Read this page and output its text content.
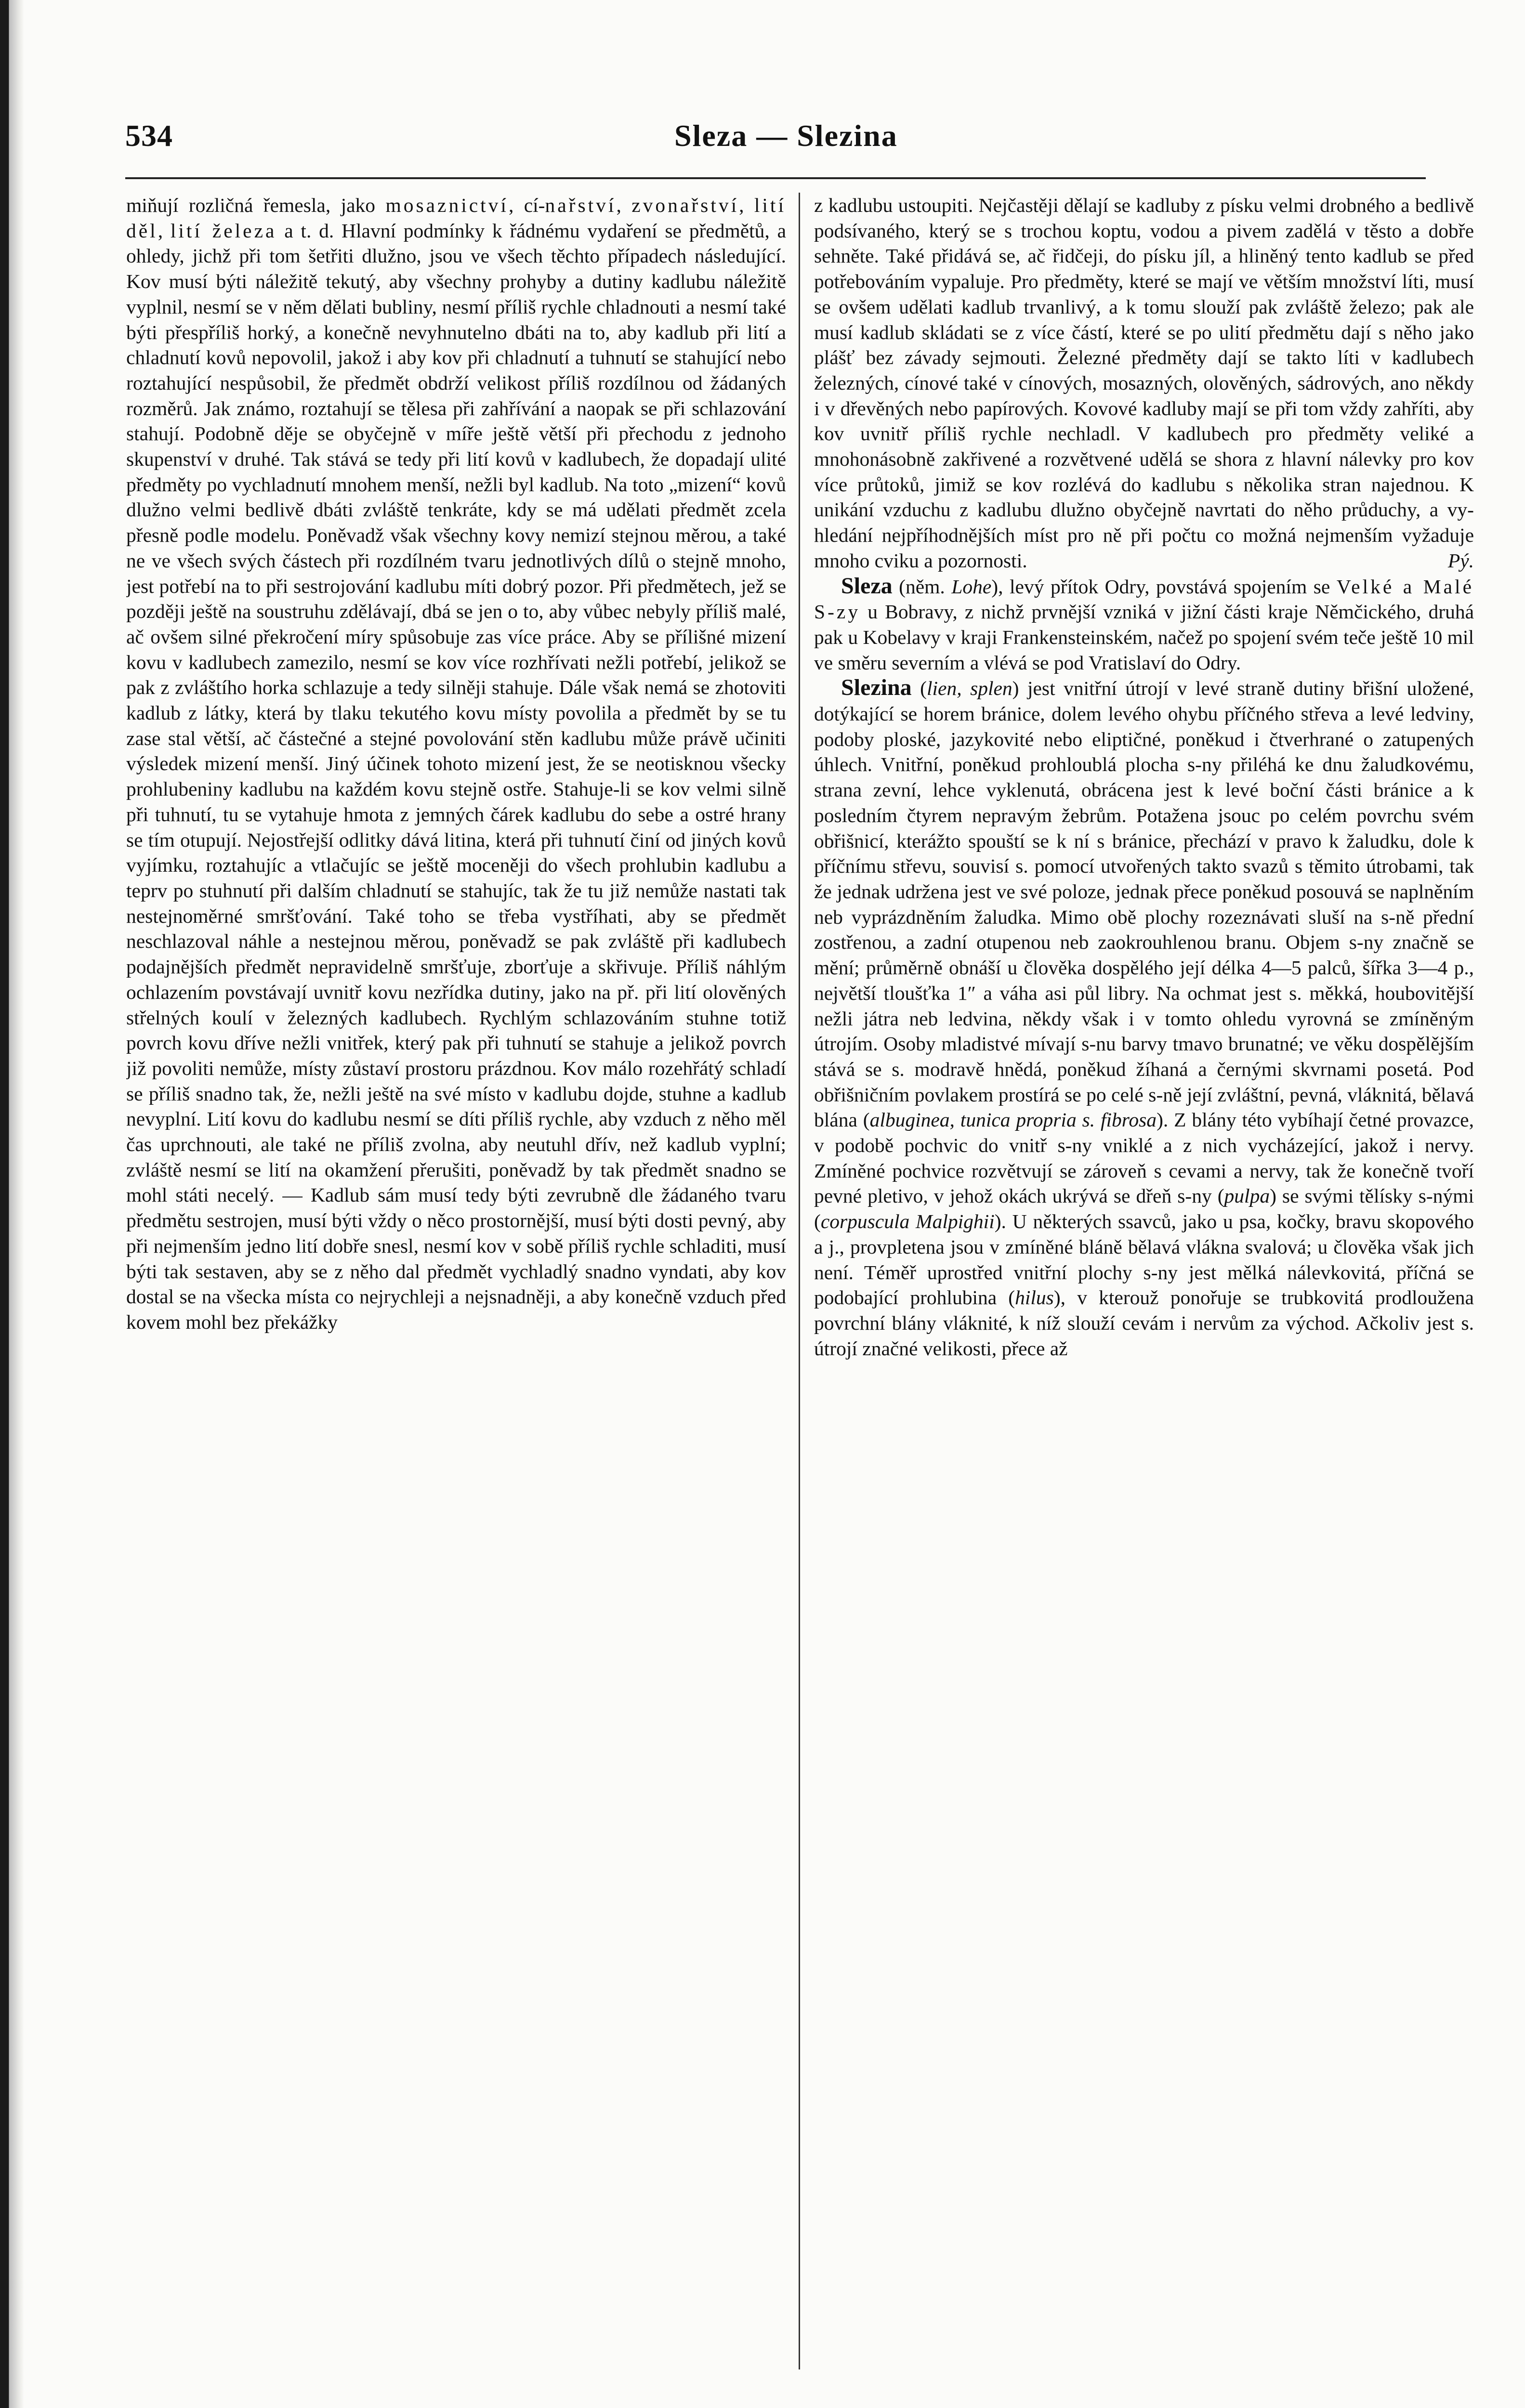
534	Sleza — Slezina

miňují rozličná řemesla, jako mosaznictví, cí-nařství, zvonařství, lití děl, lití železa a t. d. Hlavní podmínky k řádnému vydaření se předmětů, a ohledy, jichž při tom šetřiti dlužno, jsou ve všech těchto případech následující. Kov musí býti náležitě tekutý, aby všechny prohyby a dutiny kadlubu náležitě vyplnil, nesmí se v něm dělati bubliny, nesmí příliš rychle chladnouti a nesmí také býti přespříliš horký, a konečně nevyhnutelno dbáti na to, aby kadlub při lití a chladnutí kovů nepovolil, jakož i aby kov při chladnutí a tuhnutí se stahující nebo roztahující nespůsobil, že předmět obdrží velikost příliš rozdílnou od žádaných rozměrů. Jak známo, roztahují se tělesa při zahřívání a naopak se při schlazování stahují. Podobně děje se obyčejně v míře ještě větší při přechodu z jednoho skupenství v druhé. Tak stává se tedy při lití kovů v kadlubech, že dopadají ulité předměty po vychladnutí mnohem menší, nežli byl kadlub. Na toto „mizení“ kovů dlužno velmi bedlivě dbáti zvláště tenkráte, kdy se má udělati předmět zcela přesně podle modelu. Poněvadž však všechny kovy nemizí stejnou měrou, a také ne ve všech svých částech při rozdílném tvaru jednotlivých dílů o stejně mnoho, jest potřebí na to při sestrojování kadlubu míti dobrý pozor. Při předmětech, jež se později ještě na soustruhu zdělávají, dbá se jen o to, aby vůbec nebyly příliš malé, ač ovšem silné překročení míry spůsobuje zas více práce. Aby se přílišné mizení kovu v kadlubech zamezilo, nesmí se kov více rozhřívati nežli potřebí, jelikož se pak z zvláštího horka schlazuje a tedy silněji stahuje. Dále však nemá se zhotoviti kadlub z látky, která by tlaku tekutého kovu místy povolila a předmět by se tu zase stal větší, ač částečné a stejné povolování stěn kadlubu může právě učiniti výsledek mizení menší. Jiný účinek tohoto mizení jest, že se neotisknou všecky prohlubeniny kadlubu na každém kovu stejně ostře. Stahuje-li se kov velmi silně při tuhnutí, tu se vytahuje hmota z jemných čárek kadlubu do sebe a ostré hrany se tím otupují. Nejostřejší odlitky dává litina, která při tuhnutí činí od jiných kovů vyjímku, roztahujíc a vtlačujíc se ještě moceněji do všech prohlubin kadlubu a teprv po stuhnutí při dalším chladnutí se stahujíc, tak že tu již nemůže nastati tak nestejnoměrné smršťování. Také toho se třeba vystříhati, aby se předmět neschlazoval náhle a nestejnou měrou, poněvadž se pak zvláště při kadlubech podajnějších předmět nepravidelně smršťuje, zborťuje a skřivuje. Příliš náhlým ochlazením povstávají uvnitř kovu nezřídka dutiny, jako na př. při lití olověných střelných koulí v železných kadlubech. Rychlým schlazováním stuhne totiž povrch kovu dříve nežli vnitřek, který pak při tuhnutí se stahuje a jelikož povrch již povoliti nemůže, místy zůstaví prostoru prázdnou. Kov málo rozehřátý schladí se příliš snadno tak, že, nežli ještě na své místo v kadlubu dojde, stuhne a kadlub nevyplní. Lití kovu do kadlubu nesmí se díti příliš rychle, aby vzduch z něho měl čas uprchnouti, ale také ne příliš zvolna, aby neutuhl dřív, než kadlub vyplní; zvláště nesmí se lití na okamžení přerušiti, poněvadž by tak předmět snadno se mohl státi necelý. — Kadlub sám musí tedy býti zevrubně dle žádaného tvaru předmětu sestrojen, musí býti vždy o něco prostornější, musí býti dosti pevný, aby při nejmenším jedno lití dobře snesl, nesmí kov v sobě příliš rychle schladiti, musí býti tak sestaven, aby se z něho dal předmět vychladlý snadno vyndati, aby kov dostal se na všecka místa co nejrychleji a nejsnadněji, a aby konečně vzduch před kovem mohl bez překážky

z kadlubu ustoupiti. Nejčastěji dělají se kadluby z písku velmi drobného a bedlivě podsívaného, který se s trochou koptu, vodou a pivem zadělá v těsto a dobře sehněte. Také přidává se, ač řidčeji, do písku jíl, a hliněný tento kadlub se před potřebováním vypaluje. Pro předměty, které se mají ve větším množství líti, musí se ovšem udělati kadlub trvanlivý, a k tomu slouží pak zvláště železo; pak ale musí kadlub skládati se z více částí, které se po ulití předmětu dají s něho jako plášť bez závady sejmouti. Železné předměty dají se takto líti v kadlubech železných, cínové také v cínových, mosazných, olověných, sádrových, ano někdy i v dřevěných nebo papírových. Kovové kadluby mají se při tom vždy zahříti, aby kov uvnitř příliš rychle nechladl. V kadlubech pro předměty veliké a mnohonásobně zakřivené a rozvětvené udělá se shora z hlavní nálevky pro kov více průtoků, jimiž se kov rozlévá do kadlubu s několika stran najednou. K unikání vzduchu z kadlubu dlužno obyčejně navrtati do něho průduchy, a vyhledání nejpříhodnějších míst pro ně při počtu co možná nejmenším vyžaduje mnoho cviku a pozornosti.	Pý.

Sleza (něm. Lohe), levý přítok Odry, povstává spojením se Velké a Malé S-zy u Bobravy, z nichž prvnější vzniká v jižní části kraje Němčického, druhá pak u Kobelavy v kraji Frankensteinském, načež po spojení svém teče ještě 10 mil ve směru severním a vlévá se pod Vratislaví do Odry.

Slezina (lien, splen) jest vnitřní útrojí v levé straně dutiny břišní uložené, dotýkající se horem bránice, dolem levého ohybu příčného střeva a levé ledviny, podoby ploské, jazykovité nebo eliptičné, poněkud i čtverhrané o zatupených úhlech. Vnitřní, poněkud prohloublá plocha s-ny přiléhá ke dnu žaludkovému, strana zevní, lehce vyklenutá, obrácena jest k levé boční části bránice a k posledním čtyrem nepravým žebrům. Potažena jsouc po celém povrchu svém obřišnicí, kterážto spouští se k ní s bránice, přechází v pravo k žaludku, dole k příčnímu střevu, souvisí s. pomocí utvořených takto svazů s těmito útrobami, tak že jednak udržena jest ve své poloze, jednak přece poněkud posouvá se naplněním neb vyprázdněním žaludka. Mimo obě plochy rozeznávati sluší na s-ně přední zostřenou, a zadní otupenou neb zaokrouhlenou branu. Objem s-ny značně se mění; průměrně obnáší u člověka dospělého její délka 4—5 palců, šířka 3—4 p., největší tloušťka 1″ a váha asi půl libry. Na ochmat jest s. měkká, houbovitější nežli játra neb ledvina, někdy však i v tomto ohledu vyrovná se zmíněným útrojím. Osoby mladistvé mívají s-nu barvy tmavo brunatné; ve věku dospělějším stává se s. modravě hnědá, poněkud žíhaná a černými skvrnami posetá. Pod obřišničním povlakem prostírá se po celé s-ně její zvláštní, pevná, vláknitá, bělavá blána (albuginea, tunica propria s. fibrosa). Z blány této vybíhají četné provazce, v podobě pochvic do vnitř s-ny vniklé a z nich vycházející, jakož i nervy. Zmíněné pochvice rozvětvují se zároveň s cevami a nervy, tak že konečně tvoří pevné pletivo, v jehož okách ukrývá se dřeň s-ny (pulpa) se svými tělísky s-nými (corpuscula Malpighii). U některých ssavců, jako u psa, kočky, bravu skopového a j., provpletena jsou v zmíněné bláně bělavá vlákna svalová; u člověka však jich není. Téměř uprostřed vnitřní plochy s-ny jest mělká nálevkovitá, příčná se podobající prohlubina (hilus), v kterouž ponořuje se trubkovitá prodloužena povrchní blány vláknité, k níž slouží cevám i nervům za východ. Ačkoliv jest s. útrojí značné velikosti, přece až
